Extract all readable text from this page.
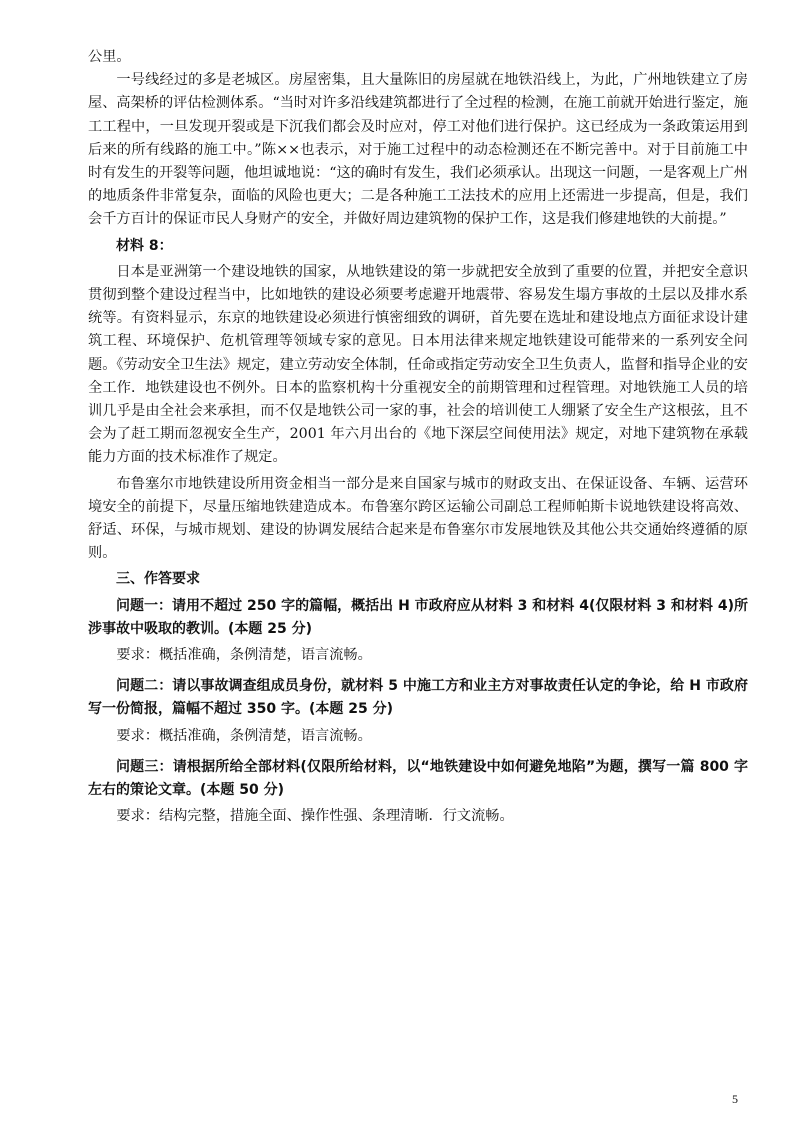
公里。

一号线经过的多是老城区。房屋密集，且大量陈旧的房屋就在地铁沿线上，为此，广州地铁建立了房屋、高架桥的评估检测体系。“当时对许多沿线建筑都进行了全过程的检测，在施工前就开始进行鉴定，施工工程中，一旦发现开裂或是下沉我们都会及时应对，停工对他们进行保护。这已经成为一条政策运用到后来的所有线路的施工中。”陈××也表示，对于施工过程中的动态检测还在不断完善中。对于目前施工中时有发生的开裂等问题，他坦诚地说：“这的确时有发生，我们必须承认。出现这一问题，一是客观上广州的地质条件非常复杂，面临的风险也更大；二是各种施工工法技术的应用上还需进一步提高，但是，我们会千方百计的保证市民人身财产的安全，并做好周边建筑物的保护工作，这是我们修建地铁的大前提。”

材料 8：

日本是亚洲第一个建设地铁的国家，从地铁建设的第一步就把安全放到了重要的位置，并把安全意识贯彻到整个建设过程当中，比如地铁的建设必须要考虑避开地震带、容易发生塌方事故的土层以及排水系统等。有资料显示，东京的地铁建设必须进行慎密细致的调研，首先要在选址和建设地点方面征求设计建筑工程、环境保护、危机管理等领域专家的意见。日本用法律来规定地铁建设可能带来的一系列安全问题。《劳动安全卫生法》规定，建立劳动安全体制，任命或指定劳动安全卫生负责人，监督和指导企业的安全工作．地铁建设也不例外。日本的监察机构十分重视安全的前期管理和过程管理。对地铁施工人员的培训几乎是由全社会来承担，而不仅是地铁公司一家的事，社会的培训使工人绷紧了安全生产这根弦，且不会为了赶工期而忽视安全生产，2001 年六月出台的《地下深层空间使用法》规定，对地下建筑物在承载能力方面的技术标准作了规定。

布鲁塞尔市地铁建设所用资金相当一部分是来自国家与城市的财政支出、在保证设备、车辆、运营环境安全的前提下，尽量压缩地铁建造成本。布鲁塞尔跨区运输公司副总工程师帕斯卡说地铁建设将高效、舒适、环保，与城市规划、建设的协调发展结合起来是布鲁塞尔市发展地铁及其他公共交通始终遵循的原则。

三、作答要求

问题一：请用不超过 250 字的篇幅，概括出 H 市政府应从材料 3 和材料 4(仅限材料 3 和材料 4)所涉事故中吸取的教训。(本题 25 分)

要求：概括准确，条例清楚，语言流畅。

问题二：请以事故调查组成员身份，就材料 5 中施工方和业主方对事故责任认定的争论，给 H 市政府写一份简报，篇幅不超过 350 字。(本题 25 分)

要求：概括准确，条例清楚，语言流畅。

问题三：请根据所给全部材料(仅限所给材料，以“地铁建设中如何避免地陷”为题，撰写一篇 800 字左右的策论文章。(本题 50 分)

要求：结构完整，措施全面、操作性强、条理清晰．行文流畅。

5
